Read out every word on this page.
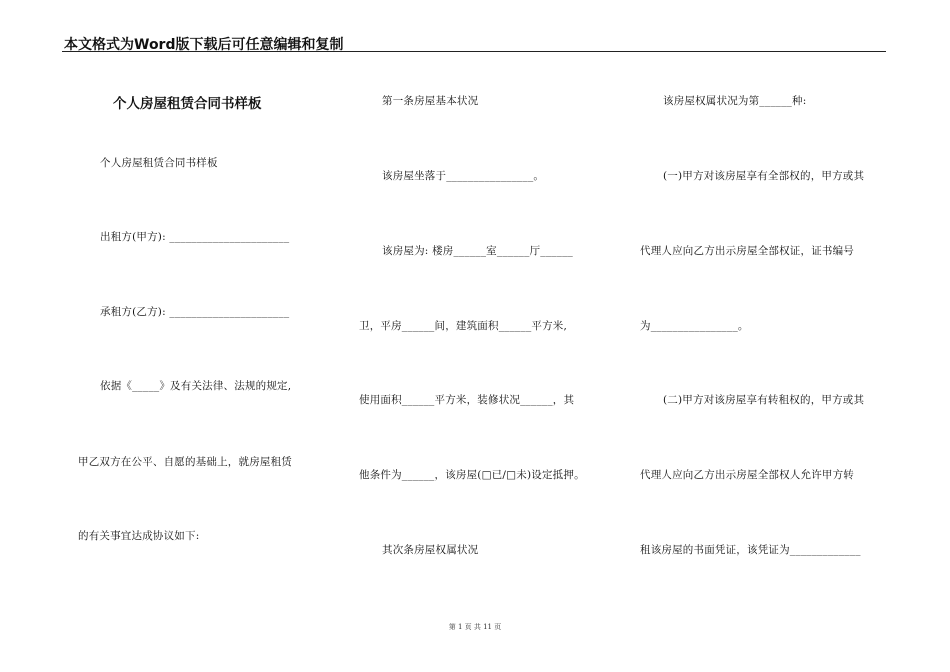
本文格式为Word版下载后可任意编辑和复制
个人房屋租赁合同书样板
个人房屋租赁合同书样板
出租方(甲方): ______________________
承租方(乙方): ______________________
依据《_____》及有关法律、法规的规定,
甲乙双方在公平、自愿的基础上，就房屋租赁
的有关事宜达成协议如下:
第一条房屋基本状况
该房屋坐落于________________。
该房屋为: 楼房______室______厅______
卫，平房______间，建筑面积______平方米,
使用面积______平方米，装修状况______，其
他条件为______，该房屋(□已/□未)设定抵押。
其次条房屋权属状况
该房屋权属状况为第______种:
(一)甲方对该房屋享有全部权的，甲方或其
代理人应向乙方出示房屋全部权证，证书编号
为________________。
(二)甲方对该房屋享有转租权的，甲方或其
代理人应向乙方出示房屋全部权人允许甲方转
租该房屋的书面凭证，该凭证为_____________
第 1 页 共 11 页
